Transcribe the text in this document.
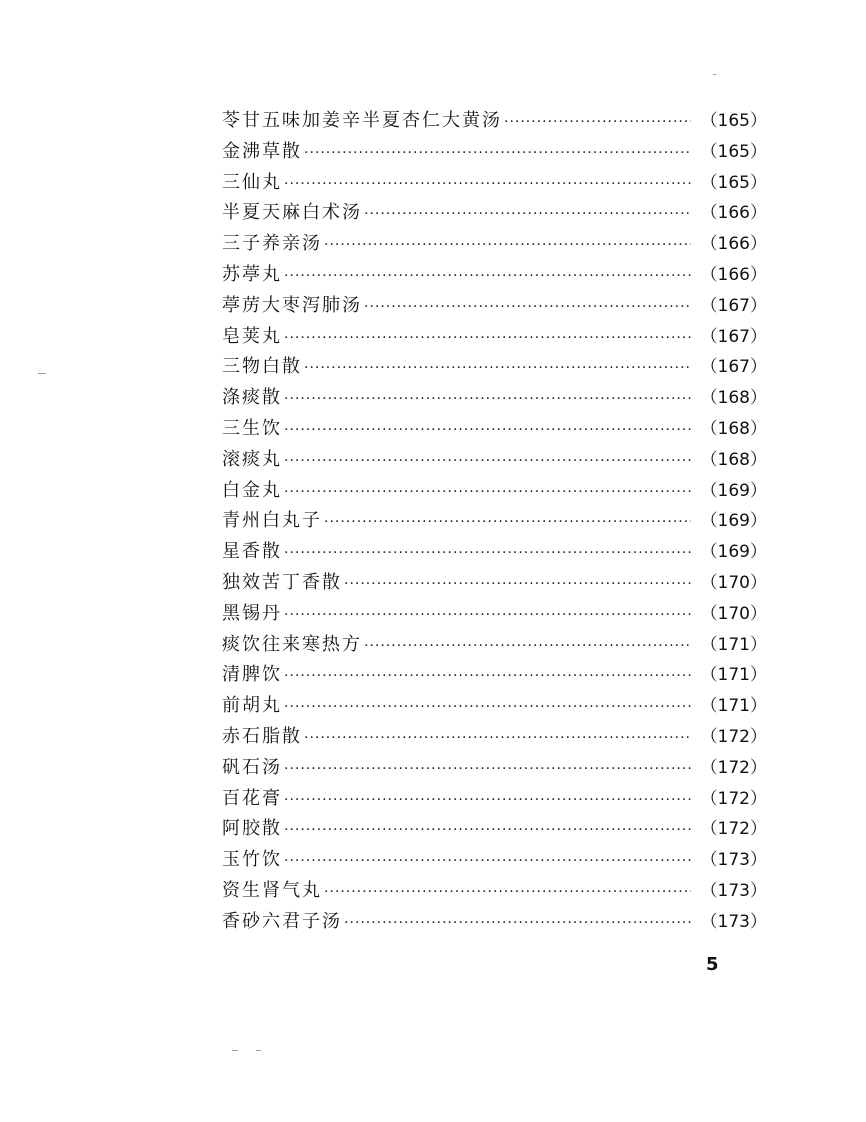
苓甘五味加姜辛半夏杏仁大黄汤 ·····	（165）
金沸草散 ·····	（165）
三仙丸 ·····	（165）
半夏天麻白术汤 ·····	（166）
三子养亲汤 ·····	（166）
苏葶丸 ·····	（166）
葶苈大枣泻肺汤 ·····	（167）
皂荚丸 ·····	（167）
三物白散 ·····	（167）
涤痰散 ·····	（168）
三生饮 ·····	（168）
滚痰丸 ·····	（168）
白金丸 ·····	（169）
青州白丸子 ·····	（169）
星香散 ·····	（169）
独效苦丁香散 ·····	（170）
黑锡丹 ·····	（170）
痰饮往来寒热方 ·····	（171）
清脾饮 ·····	（171）
前胡丸 ·····	（171）
赤石脂散 ·····	（172）
矾石汤 ·····	（172）
百花膏 ·····	（172）
阿胶散 ·····	（172）
玉竹饮 ·····	（173）
资生肾气丸 ·····	（173）
香砂六君子汤 ·····	（173）
5
